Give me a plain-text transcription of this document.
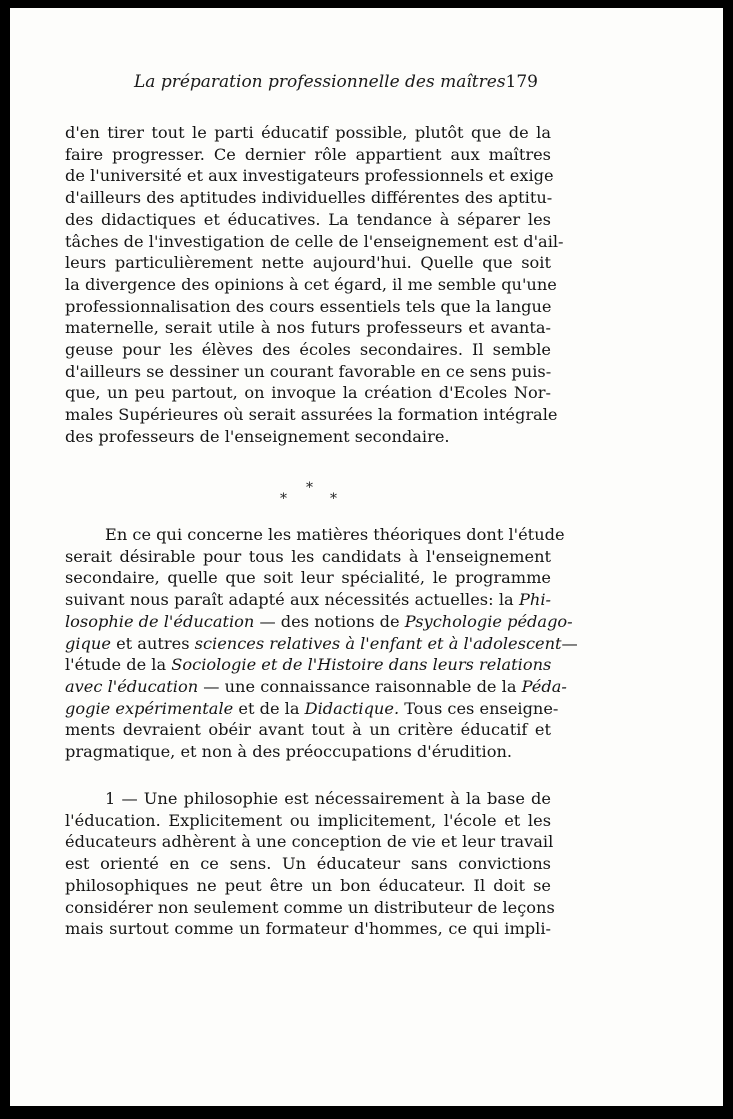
La préparation professionnelle des maîtres 179
d'en tirer tout le parti éducatif possible, plutôt que de la
faire progresser. Ce dernier rôle appartient aux maîtres
de l'université et aux investigateurs professionnels et exige
d'ailleurs des aptitudes individuelles différentes des aptitu-
des didactiques et éducatives. La tendance à séparer les
tâches de l'investigation de celle de l'enseignement est d'ail-
leurs particulièrement nette aujourd'hui. Quelle que soit
la divergence des opinions à cet égard, il me semble qu'une
professionnalisation des cours essentiels tels que la langue
maternelle, serait utile à nos futurs professeurs et avanta-
geuse pour les élèves des écoles secondaires. Il semble
d'ailleurs se dessiner un courant favorable en ce sens puis-
que, un peu partout, on invoque la création d'Ecoles Nor-
males Supérieures où serait assurées la formation intégrale
des professeurs de l'enseignement secondaire.
*
*	*
En ce qui concerne les matières théoriques dont l'étude
serait désirable pour tous les candidats à l'enseignement
secondaire, quelle que soit leur spécialité, le programme
suivant nous paraît adapté aux nécessités actuelles: la Phi-
losophie de l'éducation — des notions de Psychologie pédago-
gique et autres sciences relatives à l'enfant et à l'adolescent—
l'étude de la Sociologie et de l'Histoire dans leurs relations
avec l'éducation — une connaissance raisonnable de la Péda-
gogie expérimentale et de la Didactique. Tous ces enseigne-
ments devraient obéir avant tout à un critère éducatif et
pragmatique, et non à des préoccupations d'érudition.
1 — Une philosophie est nécessairement à la base de
l'éducation. Explicitement ou implicitement, l'école et les
éducateurs adhèrent à une conception de vie et leur travail
est orienté en ce sens. Un éducateur sans convictions
philosophiques ne peut être un bon éducateur. Il doit se
considérer non seulement comme un distributeur de leçons
mais surtout comme un formateur d'hommes, ce qui impli-
